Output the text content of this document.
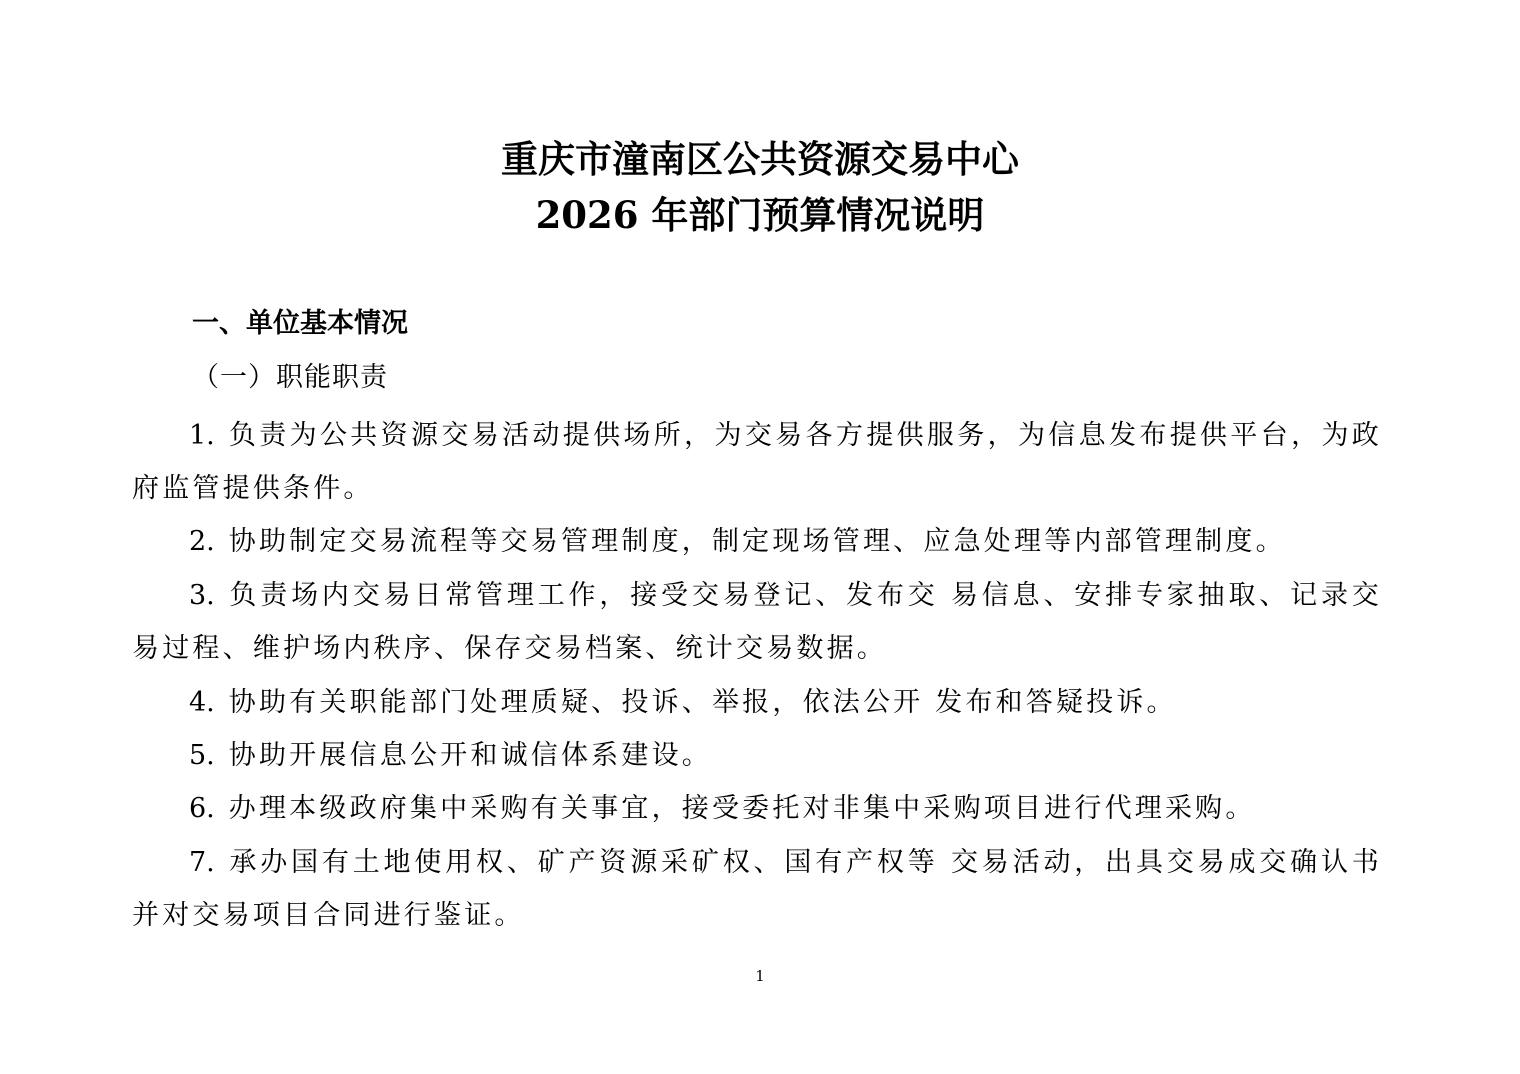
重庆市潼南区公共资源交易中心
2026 年部门预算情况说明
一、单位基本情况
（一）职能职责
1. 负责为公共资源交易活动提供场所，为交易各方提供服务，为信息发布提供平台，为政府监管提供条件。
2. 协助制定交易流程等交易管理制度，制定现场管理、应急处理等内部管理制度。
3. 负责场内交易日常管理工作，接受交易登记、发布交 易信息、安排专家抽取、记录交易过程、维护场内秩序、保存交易档案、统计交易数据。
4. 协助有关职能部门处理质疑、投诉、举报，依法公开 发布和答疑投诉。
5. 协助开展信息公开和诚信体系建设。
6. 办理本级政府集中采购有关事宜，接受委托对非集中采购项目进行代理采购。
7. 承办国有土地使用权、矿产资源采矿权、国有产权等 交易活动，出具交易成交确认书并对交易项目合同进行鉴证。
1
